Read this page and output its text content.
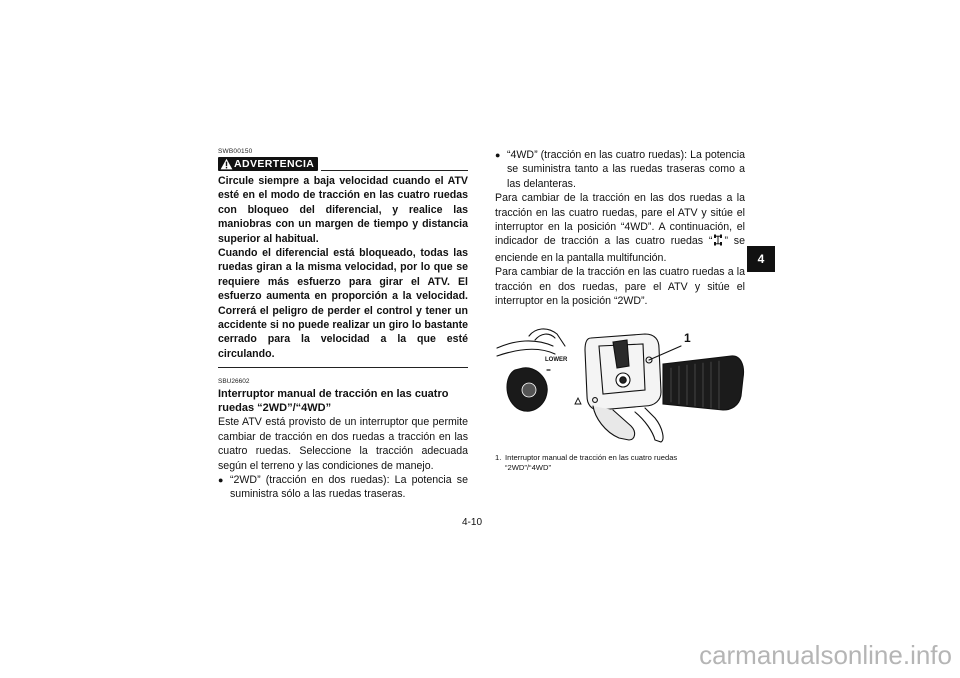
SWB00150
ADVERTENCIA

Circule siempre a baja velocidad cuando el ATV esté en el modo de tracción en las cuatro ruedas con bloqueo del diferencial, y realice las maniobras con un margen de tiempo y distancia superior al habitual.

Cuando el diferencial está bloqueado, todas las ruedas giran a la misma velocidad, por lo que se requiere más esfuerzo para girar el ATV. El esfuerzo aumenta en proporción a la velocidad. Correrá el peligro de perder el control y tener un accidente si no puede realizar un giro lo bastante cerrado para la velocidad a la que esté circulando.

SBU26602
Interruptor manual de tracción en las cuatro ruedas “2WD”/“4WD”

Este ATV está provisto de un interruptor que permite cambiar de tracción en dos ruedas a tracción en las cuatro ruedas. Seleccione la tracción adecuada según el terreno y las condiciones de manejo.

● “2WD” (tracción en dos ruedas): La potencia se suministra sólo a las ruedas traseras.
● “4WD” (tracción en las cuatro ruedas): La potencia se suministra tanto a las ruedas traseras como a las delanteras.

Para cambiar de la tracción en las dos ruedas a la tracción en las cuatro ruedas, pare el ATV y sitúe el interruptor en la posición “4WD”. A continuación, el indicador de tracción a las cuatro ruedas “ ” se enciende en la pantalla multifunción.

Para cambiar de la tracción en las cuatro ruedas a la tracción en dos ruedas, pare el ATV y sitúe el interruptor en la posición “2WD”.

LOWER
1
1. Interruptor manual de tracción en las cuatro ruedas
“2WD”/“4WD”
4
4-10
carmanualsonline.info
